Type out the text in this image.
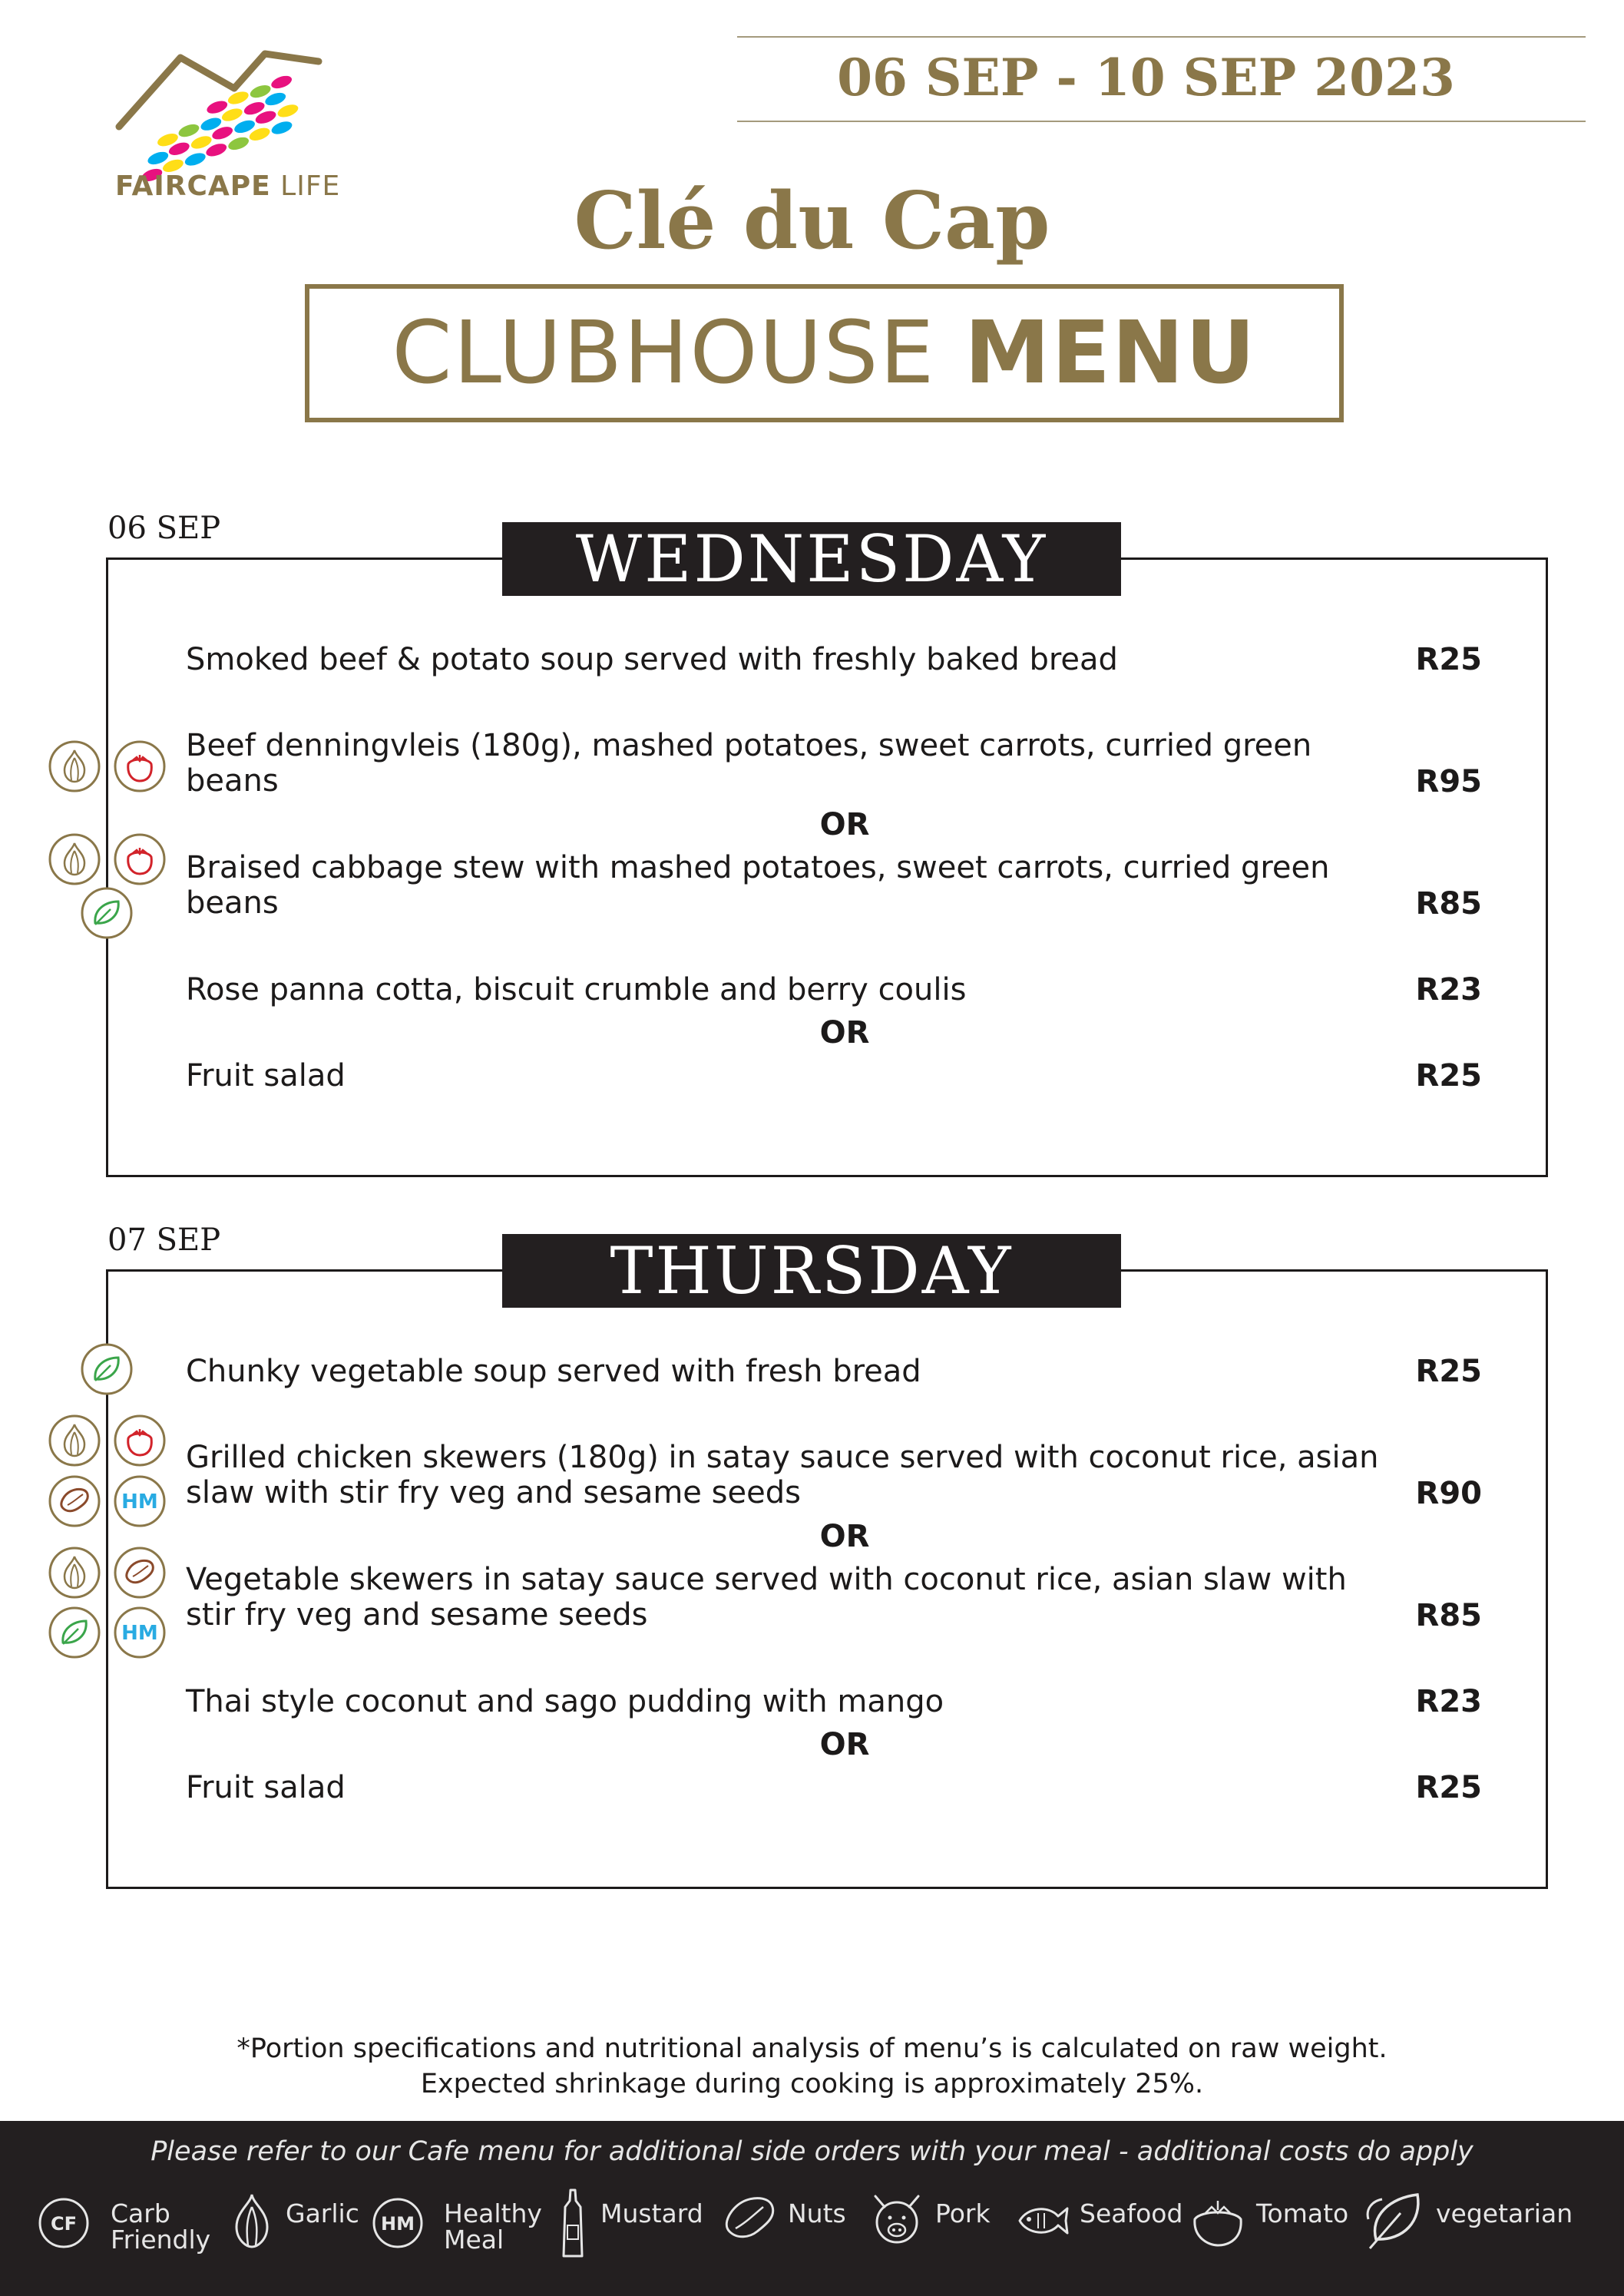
FAIRCAPE LIFE
06 SEP - 10 SEP 2023
Clé du Cap
CLUBHOUSE MENU
06 SEP	WEDNESDAY
Smoked beef & potato soup served with freshly baked bread	R25
Beef denningvleis (180g), mashed potatoes, sweet carrots, curried green beans	R95
OR
Braised cabbage stew with mashed potatoes, sweet carrots, curried green beans	R85
Rose panna cotta, biscuit crumble and berry coulis	R23
OR
Fruit salad	R25
07 SEP	THURSDAY
Chunky vegetable soup served with fresh bread	R25
Grilled chicken skewers (180g) in satay sauce served with coconut rice, asian slaw with stir fry veg and sesame seeds	R90
OR
Vegetable skewers in satay sauce served with coconut rice, asian slaw with stir fry veg and sesame seeds	R85
Thai style coconut and sago pudding with mango	R23
OR
Fruit salad	R25
*Portion specifications and nutritional analysis of menu’s is calculated on raw weight.
Expected shrinkage during cooking is approximately 25%.
Please refer to our Cafe menu for additional side orders with your meal - additional costs do apply
CF Carb
Friendly
Garlic HM Healthy
Meal
Mustard	Nuts	Pork	Seafood	Tomato	vegetarian
